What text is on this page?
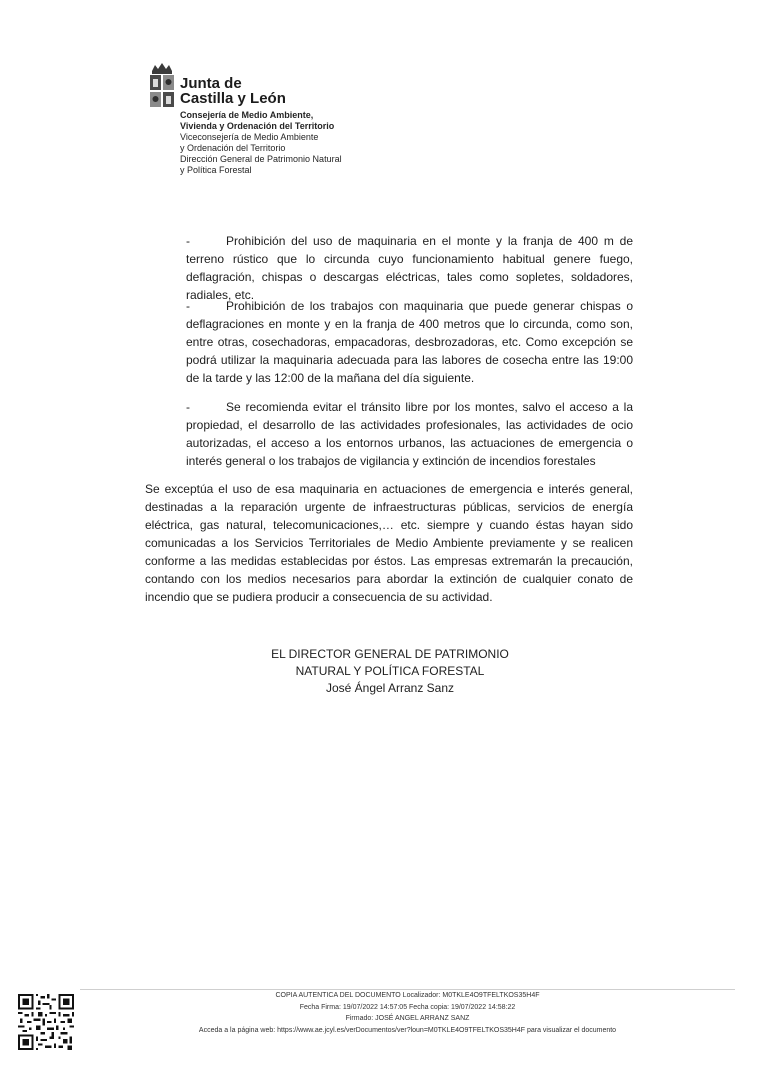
Junta de
Castilla y León
Consejería de Medio Ambiente,
Vivienda y Ordenación del Territorio
Viceconsejería de Medio Ambiente
y Ordenación del Territorio
Dirección General de Patrimonio Natural
y Política Forestal
-	Prohibición del uso de maquinaria en el monte y la franja de 400 m de terreno rústico que lo circunda cuyo funcionamiento habitual genere fuego, deflagración, chispas o descargas eléctricas, tales como sopletes, soldadores, radiales, etc.
-	Prohibición de los trabajos con maquinaria que puede generar chispas o deflagraciones en monte y en la franja de 400 metros que lo circunda, como son, entre otras, cosechadoras, empacadoras, desbrozadoras, etc. Como excepción se podrá utilizar la maquinaria adecuada para las labores de cosecha entre las 19:00 de la tarde y las 12:00 de la mañana del día siguiente.
-	Se recomienda evitar el tránsito libre por los montes, salvo el acceso a la propiedad, el desarrollo de las actividades profesionales, las actividades de ocio autorizadas, el acceso a los entornos urbanos, las actuaciones de emergencia o interés general o los trabajos de vigilancia y extinción de incendios forestales
Se exceptúa el uso de esa maquinaria en actuaciones de emergencia e interés general, destinadas a la reparación urgente de infraestructuras públicas, servicios de energía eléctrica, gas natural, telecomunicaciones,… etc. siempre y cuando éstas hayan sido comunicadas a los Servicios Territoriales de Medio Ambiente previamente y se realicen conforme a las medidas establecidas por éstos. Las empresas extremarán la precaución, contando con los medios necesarios para abordar la extinción de cualquier conato de incendio que se pudiera producir a consecuencia de su actividad.
EL DIRECTOR GENERAL DE PATRIMONIO
NATURAL Y POLÍTICA FORESTAL
José Ángel Arranz Sanz
COPIA AUTENTICA DEL DOCUMENTO Localizador: M0TKLE4O9TFELTKOS35H4F
Fecha Firma: 19/07/2022 14:57:05 Fecha copia: 19/07/2022 14:58:22
Firmado: JOSÉ ANGEL ARRANZ SANZ
Acceda a la página web: https://www.ae.jcyl.es/verDocumentos/ver?loun=M0TKLE4O9TFELTKOS35H4F para visualizar el documento
